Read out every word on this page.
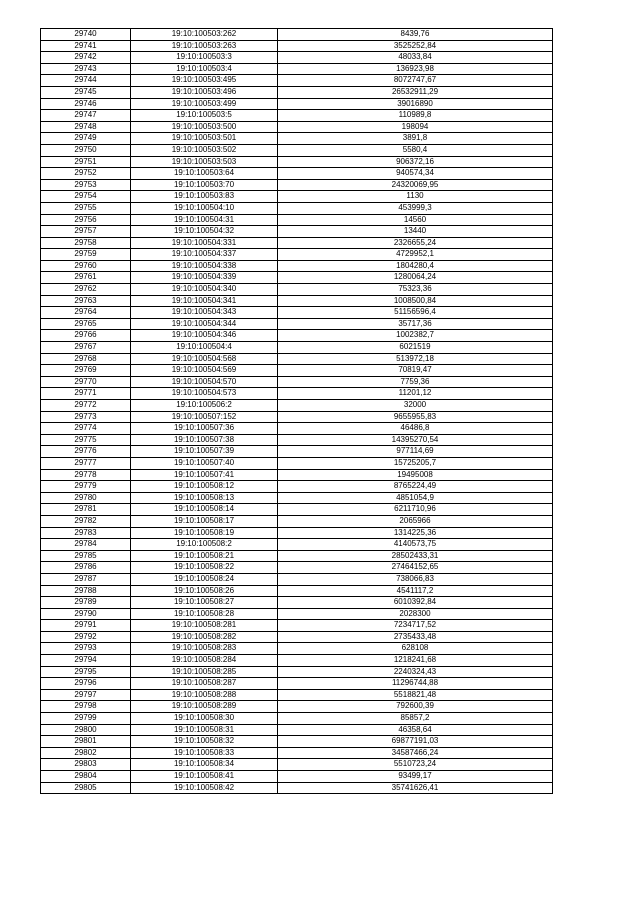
29740	19:10:100503:262	8439,76
29741	19:10:100503:263	3525252,84
29742	19:10:100503:3	48033,84
29743	19:10:100503:4	136923,98
29744	19:10:100503:495	8072747,67
29745	19:10:100503:496	26532911,29
29746	19:10:100503:499	39016890
29747	19:10:100503:5	110989,8
29748	19:10:100503:500	198094
29749	19:10:100503:501	3891,8
29750	19:10:100503:502	5580,4
29751	19:10:100503:503	906372,16
29752	19:10:100503:64	940574,34
29753	19:10:100503:70	24320069,95
29754	19:10:100503:83	1130
29755	19:10:100504:10	453999,3
29756	19:10:100504:31	14560
29757	19:10:100504:32	13440
29758	19:10:100504:331	2326655,24
29759	19:10:100504:337	4729952,1
29760	19:10:100504:338	1804280,4
29761	19:10:100504:339	1280064,24
29762	19:10:100504:340	75323,36
29763	19:10:100504:341	1008500,84
29764	19:10:100504:343	51156596,4
29765	19:10:100504:344	35717,36
29766	19:10:100504:346	1002382,7
29767	19:10:100504:4	6021519
29768	19:10:100504:568	513972,18
29769	19:10:100504:569	70819,47
29770	19:10:100504:570	7759,36
29771	19:10:100504:573	11201,12
29772	19:10:100506:2	32000
29773	19:10:100507:152	9655955,83
29774	19:10:100507:36	46486,8
29775	19:10:100507:38	14395270,54
29776	19:10:100507:39	977114,69
29777	19:10:100507:40	15725205,7
29778	19:10:100507:41	19495008
29779	19:10:100508:12	8765224,49
29780	19:10:100508:13	4851054,9
29781	19:10:100508:14	6211710,96
29782	19:10:100508:17	2065966
29783	19:10:100508:19	1314225,36
29784	19:10:100508:2	4140573,75
29785	19:10:100508:21	28502433,31
29786	19:10:100508:22	27464152,65
29787	19:10:100508:24	738066,83
29788	19:10:100508:26	4541117,2
29789	19:10:100508:27	6010392,84
29790	19:10:100508:28	2028300
29791	19:10:100508:281	7234717,52
29792	19:10:100508:282	2735433,48
29793	19:10:100508:283	628108
29794	19:10:100508:284	1218241,68
29795	19:10:100508:285	2240324,43
29796	19:10:100508:287	11296744,88
29797	19:10:100508:288	5518821,48
29798	19:10:100508:289	792600,39
29799	19:10:100508:30	85857,2
29800	19:10:100508:31	46358,64
29801	19:10:100508:32	69877191,03
29802	19:10:100508:33	34587466,24
29803	19:10:100508:34	5510723,24
29804	19:10:100508:41	93499,17
29805	19:10:100508:42	35741626,41
